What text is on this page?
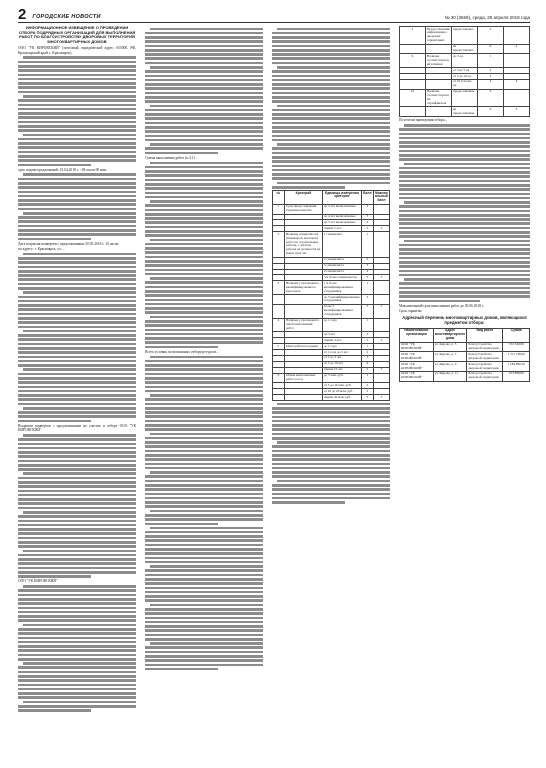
2 ГОРОДСКИЕ НОВОСТИ	№ 30 (3659), среда, 25 апреля 2018 года
ИНФОРМАЦИОННОЕ ИЗВЕЩЕНИЕ О ПРОВЕДЕНИИ ОТБОРА ПОДРЯДНЫХ ОРГАНИЗАЦИЙ ДЛЯ ВЫПОЛНЕНИЯ РАБОТ ПО БЛАГОУСТРОЙСТВУ ДВОРОВЫХ ТЕРРИТОРИЙ МНОГОКВАРТИРНЫХ ДОМОВ
ООО "УК КИРОВСКИЙ" (почтовый, юридический адрес: 655000, РФ, Красноярский край, г. Красноярск),
срок подачи предложений: 25.04.2018 г. - 08 часов 00 мин.
Дата вскрытия конвертов с предложениями 30.05.2018 г. 10 часов.
по адресу: г. Красноярск, ул. ...
Вскрытие конвертов с предложениями на участие в отборе ООО "УК КИРОВСКИЙ".
ООО "УК КИРОВСКИЙ".
Сумма выполнения работ (п.4.1) ...
Всего условия по возможных отбору/ресурсов...
№	Критерий	Единицы измерения критерия	Балл	Максимальный балл
1	Срок предоставления гарантии качества	до 2 лет включительно	2	
		до 4 лет включительно	3	
		до 5 лет включительно	4	
		свыше 5 лет	5	5
2	Наличие специалистов (инженеров, мастеров) работ на строительные работы, с опытом работы на должности не менее трех лет	1 специалист	1	
		2 специалиста	2	
		3 специалиста	3	
		4 специалиста	4	
		5 и более специалистов	5	5
3	Наличие у претендента квалифицированного персонала	1 и более квалифицированных сотрудников	1	
		до 5 квалифицированных сотрудников	3	
		более 5 квалифицированных сотрудников	5	5
4	Наличие у претендента опыта выполнения работ	до 1 года	1	
		до 3 лет	3	
		свыше 3 лет	5	5
5	Опыт работы на рынке	до 1 года	1	
		от 1 года до 3 лет	2	
		от 3 до 5 лет	3	
		от 5 до 10 лет	4	
		свыше 10 лет	5	5
6	Объем выполненных работ за год	до 5 млн. руб.	1	
		от 5 до 10 млн. руб.	2	
		от 10 до 20 млн. руб.	3	
		свыше 20 млн. руб.	5	5
2	Предоставление информации о дворовых территориях	предоставлена	2	
		не предоставлена	0	2
9	Наличие соответствующей техники	до 3 ед.	1	
		от 3 до 5 ед.	2	
		от 5 до 10 ед.	3	
		от 10 и более ед.	4	4
10	Наличие соответствующих сертификатов	предоставлены	3	
		не предоставлены	0	3
По итогам проведения отбора...
Максимальный срок выполнения работ до 30.06.2018 г.
Срок гарантии
Адресный перечень многоквартирных домов, являющихся предметом отбора:
Наименование организации	Адрес многоквартирного дома	Вид работ	Сумма
ООО "УК КИРОВСКИЙ"	ул. Кирова, д. 5	Благоустройство дворовой территории	722 349,66
ООО "УК КИРОВСКИЙ"	ул. Кирова, д. 7	Благоустройство дворовой территории	1 511 738,00
ООО "УК КИРОВСКИЙ"	ул. Кирова, д. 9	Благоустройство дворовой территории	1 184 890,20
ООО "УК КИРОВСКИЙ"	ул. Кирова, д. 11	Благоустройство дворовой территории	253 888,80
